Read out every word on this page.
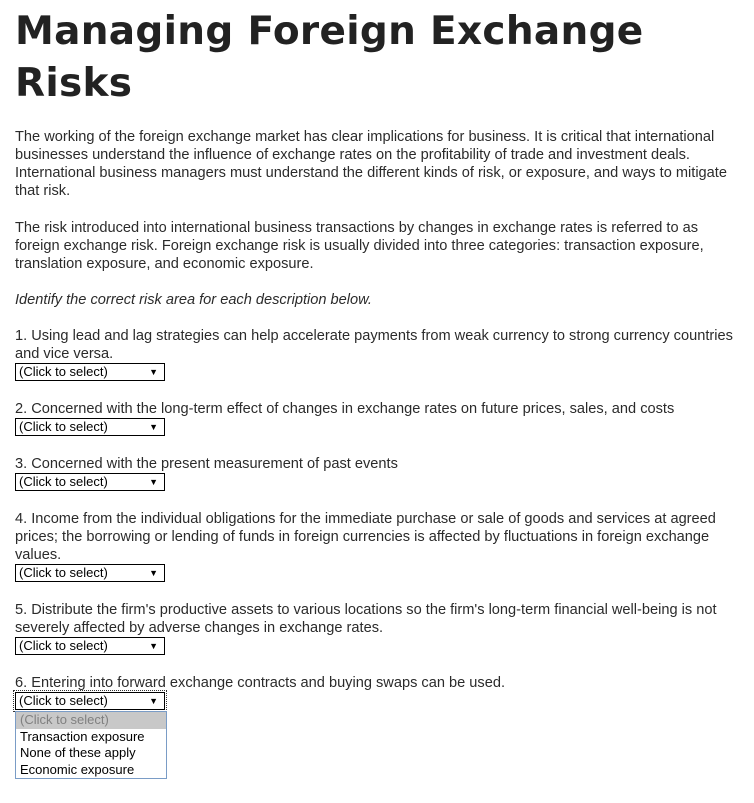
Managing Foreign Exchange Risks

The working of the foreign exchange market has clear implications for business. It is critical that international businesses understand the influence of exchange rates on the profitability of trade and investment deals. International business managers must understand the different kinds of risk, or exposure, and ways to mitigate that risk.

The risk introduced into international business transactions by changes in exchange rates is referred to as foreign exchange risk. Foreign exchange risk is usually divided into three categories: transaction exposure, translation exposure, and economic exposure.

Identify the correct risk area for each description below.

1. Using lead and lag strategies can help accelerate payments from weak currency to strong currency countries and vice versa.

(Click to select)	▼

2. Concerned with the long-term effect of changes in exchange rates on future prices, sales, and costs

(Click to select)	▼

3. Concerned with the present measurement of past events

(Click to select)	▼

4. Income from the individual obligations for the immediate purchase or sale of goods and services at agreed prices; the borrowing or lending of funds in foreign currencies is affected by fluctuations in foreign exchange values.

(Click to select)	▼

5. Distribute the firm's productive assets to various locations so the firm's long-term financial well-being is not severely affected by adverse changes in exchange rates.

(Click to select)	▼

6. Entering into forward exchange contracts and buying swaps can be used.

(Click to select)	▼
(Click to select)
Transaction exposure
None of these apply
Economic exposure
